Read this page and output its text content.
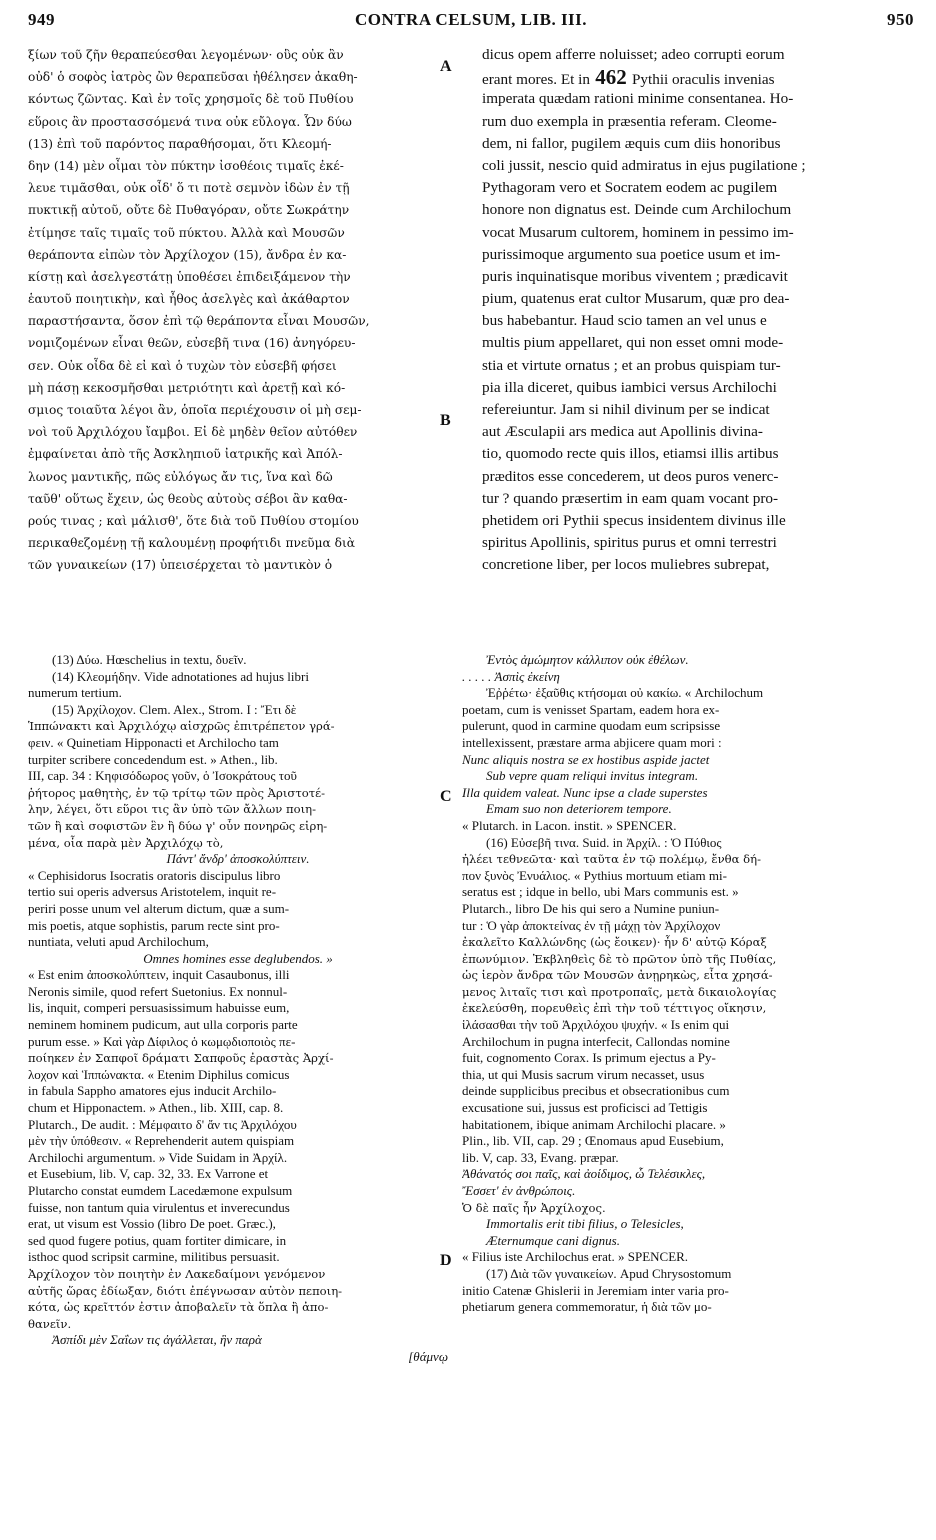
949	CONTRA CELSUM, LIB. III.	950
A
B
C
D
ξίων τοῦ ζῆν θεραπεύεσθαι λεγομένων· οὓς οὐκ ἂν
οὐδ' ὁ σοφὸς ἰατρὸς ὢν θεραπεῦσαι ἠθέλησεν ἀκαθη-
κόντως ζῶντας. Καὶ ἐν τοῖς χρησμοῖς δὲ τοῦ Πυθίου
εὕροις ἂν προστασσόμενά τινα οὐκ εὔλογα. Ὧν δύω
(13) ἐπὶ τοῦ παρόντος παραθήσομαι, ὅτι Κλεομή-
δην (14) μὲν οἶμαι τὸν πύκτην ἰσοθέοις τιμαῖς ἐκέ-
λευε τιμᾶσθαι, οὐκ οἶδ' ὅ τι ποτὲ σεμνὸν ἰδὼν ἐν τῇ
πυκτικῇ αὐτοῦ, οὔτε δὲ Πυθαγόραν, οὔτε Σωκράτην
ἐτίμησε ταῖς τιμαῖς τοῦ πύκτου. Ἀλλὰ καὶ Μουσῶν
θεράποντα εἰπὼν τὸν Ἀρχίλοχον (15), ἄνδρα ἐν κα-
κίστῃ καὶ ἀσελγεστάτῃ ὑποθέσει ἐπιδειξάμενον τὴν
ἑαυτοῦ ποιητικὴν, καὶ ἦθος ἀσελγὲς καὶ ἀκάθαρτον
παραστήσαντα, ὅσον ἐπὶ τῷ θεράποντα εἶναι Μουσῶν,
νομιζομένων εἶναι θεῶν, εὐσεβῆ τινα (16) ἀνηγόρευ-
σεν. Οὐκ οἶδα δὲ εἰ καὶ ὁ τυχὼν τὸν εὐσεβῆ φήσει
μὴ πάσῃ κεκοσμῆσθαι μετριότητι καὶ ἀρετῇ καὶ κό-
σμιος τοιαῦτα λέγοι ἂν, ὁποῖα περιέχουσιν οἱ μὴ σεμ-
νοὶ τοῦ Ἀρχιλόχου ἴαμβοι. Εἰ δὲ μηδὲν θεῖον αὐτόθεν
ἐμφαίνεται ἀπὸ τῆς Ἀσκληπιοῦ ἰατρικῆς καὶ Ἀπόλ-
λωνος μαντικῆς, πῶς εὐλόγως ἄν τις, ἵνα καὶ δῶ
ταῦθ' οὕτως ἔχειν, ὡς θεοὺς αὐτοὺς σέβοι ἂν καθα-
ρούς τινας ; καὶ μάλισθ', ὅτε διὰ τοῦ Πυθίου στομίου
περικαθεζομένῃ τῇ καλουμένῃ προφήτιδι πνεῦμα διὰ
τῶν γυναικείων (17) ὑπεισέρχεται τὸ μαντικὸν ὁ
dicus opem afferre noluisset; adeo corrupti eorum
erant mores. Et in 462 Pythii oraculis invenias
imperata quædam rationi minime consentanea. Ho-
rum duo exempla in præsentia referam. Cleome-
dem, ni fallor, pugilem æquis cum diis honoribus
coli jussit, nescio quid admiratus in ejus pugilatione ;
Pythagoram vero et Socratem eodem ac pugilem
honore non dignatus est. Deinde cum Archilochum
vocat Musarum cultorem, hominem in pessimo im-
purissimoque argumento sua poetice usum et im-
puris inquinatisque moribus viventem ; prædicavit
pium, quatenus erat cultor Musarum, quæ pro dea-
bus habebantur. Haud scio tamen an vel unus e
multis pium appellaret, qui non esset omni mode-
stia et virtute ornatus ; et an probus quispiam tur-
pia illa diceret, quibus iambici versus Archilochi
refereiuntur. Jam si nihil divinum per se indicat
aut Æsculapii ars medica aut Apollinis divina-
tio, quomodo recte quis illos, etiamsi illis artibus
præditos esse concederem, ut deos puros venerc-
tur ? quando præsertim in eam quam vocant pro-
phetidem ori Pythii specus insidentem divinus ille
spiritus Apollinis, spiritus purus et omni terrestri
concretione liber, per locos muliebres subrepat,
(13) Δύω. Hœschelius in textu, δυεῖν.
(14) Κλεομήδην. Vide adnotationes ad hujus libri
numerum tertium.
(15) Ἀρχίλοχον. Clem. Alex., Strom. I : Ἔτι δὲ
Ἱππώνακτι καὶ Ἀρχιλόχῳ αἰσχρῶς ἐπιτρέπετον γρά-
φειν. « Quinetiam Hipponacti et Archilocho tam
turpiter scribere concedendum est. » Athen., lib.
III, cap. 34 : Κηφισόδωρος γοῦν, ὁ Ἰσοκράτους τοῦ
ῥήτορος μαθητὴς, ἐν τῷ τρίτῳ τῶν πρὸς Ἀριστοτέ-
λην, λέγει, ὅτι εὕροι τις ἂν ὑπὸ τῶν ἄλλων ποιη-
τῶν ἢ καὶ σοφιστῶν ἓν ἢ δύω γ' οὖν πονηρῶς εἰρη-
μένα, οἷα παρὰ μὲν Ἀρχιλόχῳ τὸ,
Πάντ' ἄνδρ' ἀποσκολύπτειν.
« Cephisidorus Isocratis oratoris discipulus libro
tertio sui operis adversus Aristotelem, inquit re-
periri posse unum vel alterum dictum, quæ a sum-
mis poetis, atque sophistis, parum recte sint pro-
nuntiata, veluti apud Archilochum,
Omnes homines esse deglubendos. »
« Est enim ἀποσκολύπτειν, inquit Casaubonus, illi
Neronis simile, quod refert Suetonius. Ex nonnul-
lis, inquit, comperi persuasissimum habuisse eum,
neminem hominem pudicum, aut ulla corporis parte
purum esse. » Καὶ γὰρ Δίφιλος ὁ κωμῳδιοποιὸς πε-
ποίηκεν ἐν Σαπφοῖ δράματι Σαπφοῦς ἐραστὰς Ἀρχί-
λοχον καὶ Ἱππώνακτα. « Etenim Diphilus comicus
in fabula Sappho amatores ejus inducit Archilo-
chum et Hipponactem. » Athen., lib. XIII, cap. 8.
Plutarch., De audit. : Μέμφαιτο δ' ἄν τις Ἀρχιλόχου
μὲν τὴν ὑπόθεσιν. « Reprehenderit autem quispiam
Archilochi argumentum. » Vide Suidam in Ἀρχίλ.
et Eusebium, lib. V, cap. 32, 33. Ex Varrone et
Plutarcho constat eumdem Lacedæmone expulsum
fuisse, non tantum quia virulentus et inverecundus
erat, ut visum est Vossio (libro De poet. Græc.),
sed quod fugere potius, quam fortiter dimicare, in
isthoc quod scripsit carmine, militibus persuasit.
Ἀρχίλοχον τὸν ποιητὴν ἐν Λακεδαίμονι γενόμενον
αὐτῆς ὥρας ἐδίωξαν, διότι ἐπέγνωσαν αὐτὸν πεποιη-
κότα, ὡς κρεῖττόν ἐστιν ἀποβαλεῖν τὰ ὅπλα ἢ ἀπο-
θανεῖν.
Ἀσπίδι μὲν Σαΐων τις ἀγάλλεται, ἣν παρὰ
[θάμνῳ
Ἐντὸς ἀμώμητον κάλλιπον οὐκ ἐθέλων.
. . . . . Ἀσπὶς ἐκείνη
Ἐῤῥέτω· ἐξαῦθις κτήσομαι οὐ κακίω. « Archilochum
poetam, cum is venisset Spartam, eadem hora ex-
pulerunt, quod in carmine quodam eum scripsisse
intellexissent, præstare arma abjicere quam mori :
Nunc aliquis nostra se ex hostibus aspide jactet
Sub vepre quam reliqui invitus integram.
Illa quidem valeat. Nunc ipse a clade superstes
Emam suo non deteriorem tempore.
« Plutarch. in Lacon. instit. » SPENCER.
(16) Εὐσεβῆ τινα. Suid. in Ἀρχίλ. : Ὁ Πύθιος
ἠλέει τεθνεῶτα· καὶ ταῦτα ἐν τῷ πολέμῳ, ἔνθα δή-
πον ξυνὸς Ἐνυάλιος. « Pythius mortuum etiam mi-
seratus est ; idque in bello, ubi Mars communis est. »
Plutarch., libro De his qui sero a Numine puniun-
tur : Ὁ γὰρ ἀποκτείνας ἐν τῇ μάχῃ τὸν Ἀρχίλοχον
ἐκαλεῖτο Καλλώνδης (ὡς ἔοικεν)· ἦν δ' αὐτῷ Κόραξ
ἐπωνύμιον. Ἐκβληθεὶς δὲ τὸ πρῶτον ὑπὸ τῆς Πυθίας,
ὡς ἱερὸν ἄνδρα τῶν Μουσῶν ἀνῃρηκὼς, εἶτα χρησά-
μενος λιταῖς τισι καὶ προτροπαῖς, μετὰ δικαιολογίας
ἐκελεύσθη, πορευθεὶς ἐπὶ τὴν τοῦ τέττιγος οἴκησιν,
ἱλάσασθαι τὴν τοῦ Ἀρχιλόχου ψυχήν. « Is enim qui
Archilochum in pugna interfecit, Callondas nomine
fuit, cognomento Corax. Is primum ejectus a Py-
thia, ut qui Musis sacrum virum necasset, usus
deinde supplicibus precibus et obsecrationibus cum
excusatione sui, jussus est proficisci ad Tettigis
habitationem, ibique animam Archilochi placare. »
Plin., lib. VII, cap. 29 ; Œnomaus apud Eusebium,
lib. V, cap. 33, Evang. præpar.
Ἀθάνατός σοι παῖς, καὶ ἀοίδιμος, ὦ Τελέσικλες,
Ἔσσετ' ἐν ἀνθρώποις.
Ὁ δὲ παῖς ἦν Ἀρχίλοχος.
Immortalis erit tibi filius, o Telesicles,
Æternumque cani dignus.
« Filius iste Archilochus erat. » SPENCER.
(17) Διὰ τῶν γυναικείων. Apud Chrysostomum
initio Catenæ Ghislerii in Jeremiam inter varia pro-
phetiarum genera commemoratur, ἡ διὰ τῶν μο-
